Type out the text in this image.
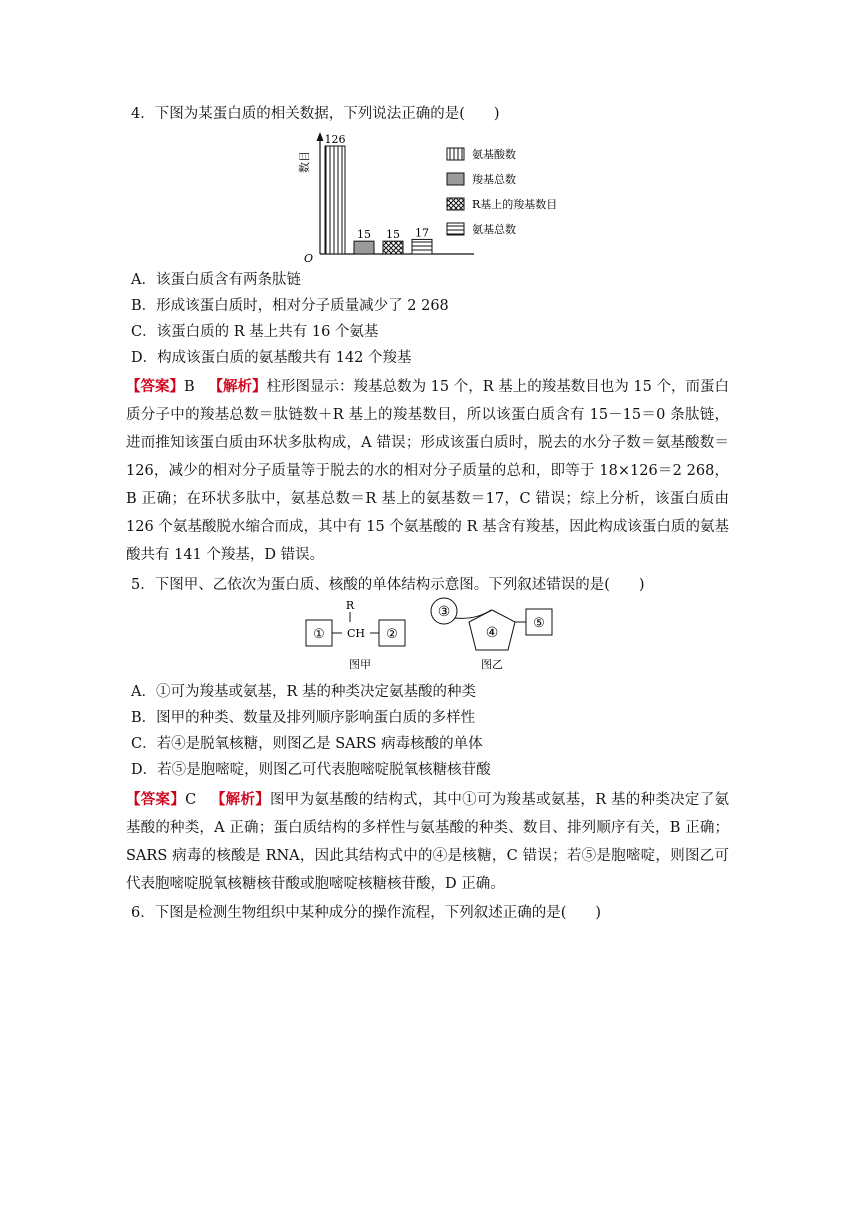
4．下图为某蛋白质的相关数据，下列说法正确的是(　　)
数目
O
126
15 15 17
氨基酸数
羧基总数
R基上的羧基数目
氨基总数
A．该蛋白质含有两条肽链
B．形成该蛋白质时，相对分子质量减少了 2 268
C．该蛋白质的 R 基上共有 16 个氨基
D．构成该蛋白质的氨基酸共有 142 个羧基
【答案】B 【解析】柱形图显示：羧基总数为 15 个，R 基上的羧基数目也为 15 个，而蛋白质分子中的羧基总数＝肽链数＋R 基上的羧基数目，所以该蛋白质含有 15－15＝0 条肽链，进而推知该蛋白质由环状多肽构成，A 错误；形成该蛋白质时，脱去的水分子数＝氨基酸数＝126，减少的相对分子质量等于脱去的水的相对分子质量的总和，即等于 18×126＝2 268，B 正确；在环状多肽中，氨基总数＝R 基上的氨基数＝17，C 错误；综上分析，该蛋白质由 126 个氨基酸脱水缩合而成，其中有 15 个氨基酸的 R 基含有羧基，因此构成该蛋白质的氨基酸共有 141 个羧基，D 错误。
5．下图甲、乙依次为蛋白质、核酸的单体结构示意图。下列叙述错误的是(　　)
①
R
CH ②
图甲
③
④
⑤
图乙
A．①可为羧基或氨基，R 基的种类决定氨基酸的种类
B．图甲的种类、数量及排列顺序影响蛋白质的多样性
C．若④是脱氧核糖，则图乙是 SARS 病毒核酸的单体
D．若⑤是胞嘧啶，则图乙可代表胞嘧啶脱氧核糖核苷酸
【答案】C 【解析】图甲为氨基酸的结构式，其中①可为羧基或氨基，R 基的种类决定了氨基酸的种类，A 正确；蛋白质结构的多样性与氨基酸的种类、数目、排列顺序有关，B 正确；SARS 病毒的核酸是 RNA，因此其结构式中的④是核糖，C 错误；若⑤是胞嘧啶，则图乙可代表胞嘧啶脱氧核糖核苷酸或胞嘧啶核糖核苷酸，D 正确。
6．下图是检测生物组织中某种成分的操作流程，下列叙述正确的是(　　)
